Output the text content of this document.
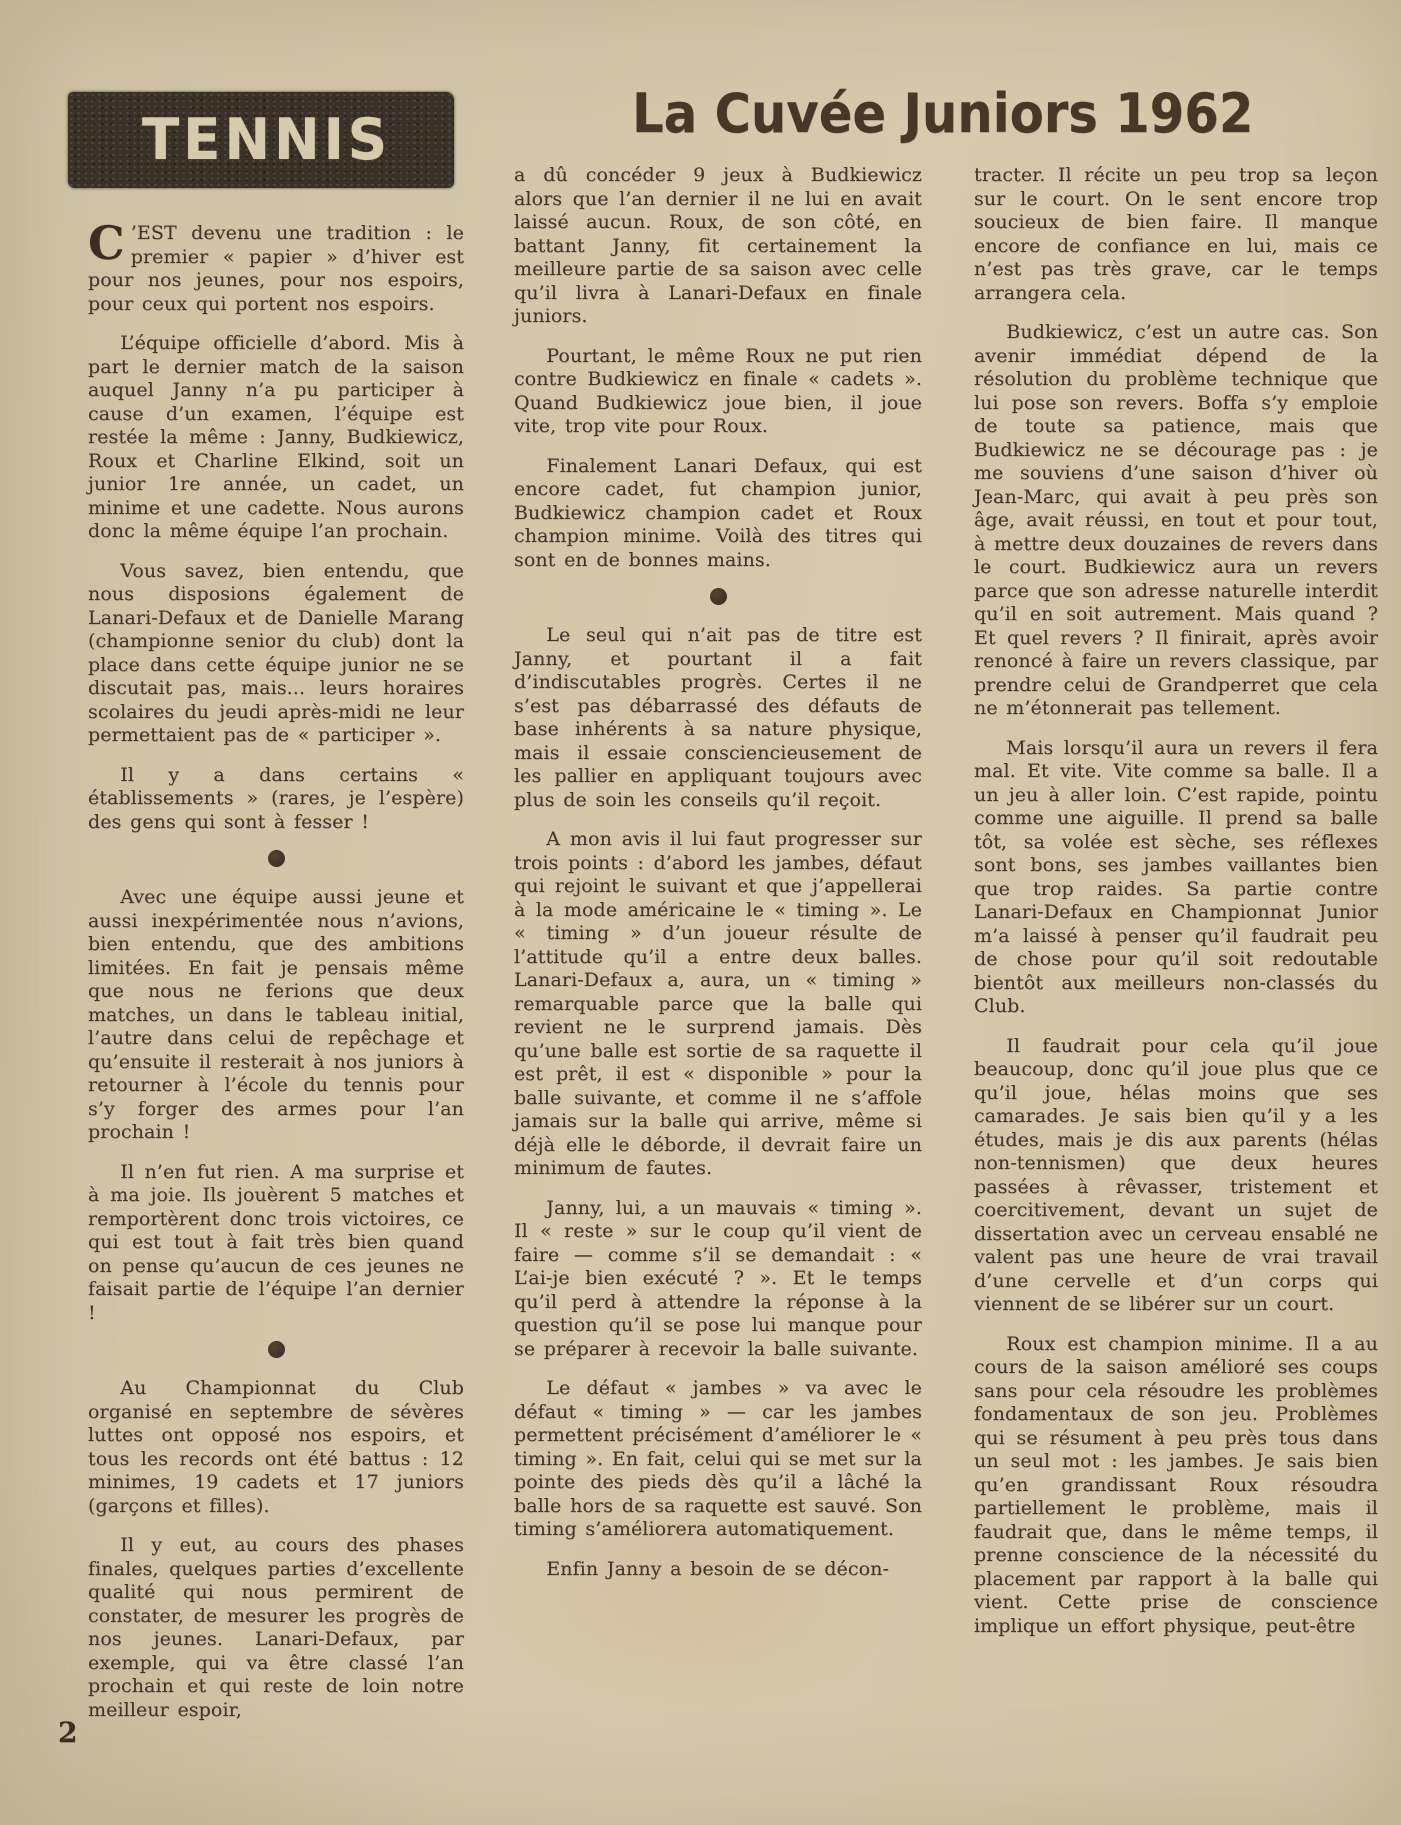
TENNIS	La Cuvée Juniors 1962

C ’EST devenu une tradition : le premier « papier » d’hiver est pour nos jeunes, pour nos espoirs, pour ceux qui portent nos espoirs.

L’équipe officielle d’abord. Mis à part le dernier match de la saison auquel Janny n’a pu participer à cause d’un examen, l’équipe est restée la même : Janny, Budkiewicz, Roux et Charline Elkind, soit un junior 1re année, un cadet, un minime et une cadette. Nous aurons donc la même équipe l’an prochain.

Vous savez, bien entendu, que nous disposions également de Lanari-Defaux et de Danielle Marang (championne senior du club) dont la place dans cette équipe junior ne se discutait pas, mais... leurs horaires scolaires du jeudi après-midi ne leur permettaient pas de « participer ».

Il y a dans certains « établissements » (rares, je l’espère) des gens qui sont à fesser !

Avec une équipe aussi jeune et aussi inexpérimentée nous n’avions, bien entendu, que des ambitions limitées. En fait je pensais même que nous ne ferions que deux matches, un dans le tableau initial, l’autre dans celui de repêchage et qu’ensuite il resterait à nos juniors à retourner à l’école du tennis pour s’y forger des armes pour l’an prochain !

Il n’en fut rien. A ma surprise et à ma joie. Ils jouèrent 5 matches et remportèrent donc trois victoires, ce qui est tout à fait très bien quand on pense qu’aucun de ces jeunes ne faisait partie de l’équipe l’an dernier !

Au Championnat du Club organisé en septembre de sévères luttes ont opposé nos espoirs, et tous les records ont été battus : 12 minimes, 19 cadets et 17 juniors (garçons et filles).

Il y eut, au cours des phases finales, quelques parties d’excellente qualité qui nous permirent de constater, de mesurer les progrès de nos jeunes. Lanari-Defaux, par exemple, qui va être classé l’an prochain et qui reste de loin notre meilleur espoir,

a dû concéder 9 jeux à Budkiewicz alors que l’an dernier il ne lui en avait laissé aucun. Roux, de son côté, en battant Janny, fit certainement la meilleure partie de sa saison avec celle qu’il livra à Lanari-Defaux en finale juniors.

Pourtant, le même Roux ne put rien contre Budkiewicz en finale « cadets ». Quand Budkiewicz joue bien, il joue vite, trop vite pour Roux.

Finalement Lanari Defaux, qui est encore cadet, fut champion junior, Budkiewicz champion cadet et Roux champion minime. Voilà des titres qui sont en de bonnes mains.

Le seul qui n’ait pas de titre est Janny, et pourtant il a fait d’indiscutables progrès. Certes il ne s’est pas débarrassé des défauts de base inhérents à sa nature physique, mais il essaie consciencieusement de les pallier en appliquant toujours avec plus de soin les conseils qu’il reçoit.

A mon avis il lui faut progresser sur trois points : d’abord les jambes, défaut qui rejoint le suivant et que j’appellerai à la mode américaine le « timing ». Le « timing » d’un joueur résulte de l’attitude qu’il a entre deux balles. Lanari-Defaux a, aura, un « timing » remarquable parce que la balle qui revient ne le surprend jamais. Dès qu’une balle est sortie de sa raquette il est prêt, il est « disponible » pour la balle suivante, et comme il ne s’affole jamais sur la balle qui arrive, même si déjà elle le déborde, il devrait faire un minimum de fautes.

Janny, lui, a un mauvais « timing ». Il « reste » sur le coup qu’il vient de faire — comme s’il se demandait : « L’ai-je bien exécuté ? ». Et le temps qu’il perd à attendre la réponse à la question qu’il se pose lui manque pour se préparer à recevoir la balle suivante.

Le défaut « jambes » va avec le défaut « timing » — car les jambes permettent précisément d’améliorer le « timing ». En fait, celui qui se met sur la pointe des pieds dès qu’il a lâché la balle hors de sa raquette est sauvé. Son timing s’améliorera automatiquement.

Enfin Janny a besoin de se décon-

tracter. Il récite un peu trop sa leçon sur le court. On le sent encore trop soucieux de bien faire. Il manque encore de confiance en lui, mais ce n’est pas très grave, car le temps arrangera cela.

Budkiewicz, c’est un autre cas. Son avenir immédiat dépend de la résolution du problème technique que lui pose son revers. Boffa s’y emploie de toute sa patience, mais que Budkiewicz ne se décourage pas : je me souviens d’une saison d’hiver où Jean-Marc, qui avait à peu près son âge, avait réussi, en tout et pour tout, à mettre deux douzaines de revers dans le court. Budkiewicz aura un revers parce que son adresse naturelle interdit qu’il en soit autrement. Mais quand ? Et quel revers ? Il finirait, après avoir renoncé à faire un revers classique, par prendre celui de Grandperret que cela ne m’étonnerait pas tellement.

Mais lorsqu’il aura un revers il fera mal. Et vite. Vite comme sa balle. Il a un jeu à aller loin. C’est rapide, pointu comme une aiguille. Il prend sa balle tôt, sa volée est sèche, ses réflexes sont bons, ses jambes vaillantes bien que trop raides. Sa partie contre Lanari-Defaux en Championnat Junior m’a laissé à penser qu’il faudrait peu de chose pour qu’il soit redoutable bientôt aux meilleurs non-classés du Club.

Il faudrait pour cela qu’il joue beaucoup, donc qu’il joue plus que ce qu’il joue, hélas moins que ses camarades. Je sais bien qu’il y a les études, mais je dis aux parents (hélas non-tennismen) que deux heures passées à rêvasser, tristement et coercitivement, devant un sujet de dissertation avec un cerveau ensablé ne valent pas une heure de vrai travail d’une cervelle et d’un corps qui viennent de se libérer sur un court.

Roux est champion minime. Il a au cours de la saison amélioré ses coups sans pour cela résoudre les problèmes fondamentaux de son jeu. Problèmes qui se résument à peu près tous dans un seul mot : les jambes. Je sais bien qu’en grandissant Roux résoudra partiellement le problème, mais il faudrait que, dans le même temps, il prenne conscience de la nécessité du placement par rapport à la balle qui vient. Cette prise de conscience implique un effort physique, peut-être

2
